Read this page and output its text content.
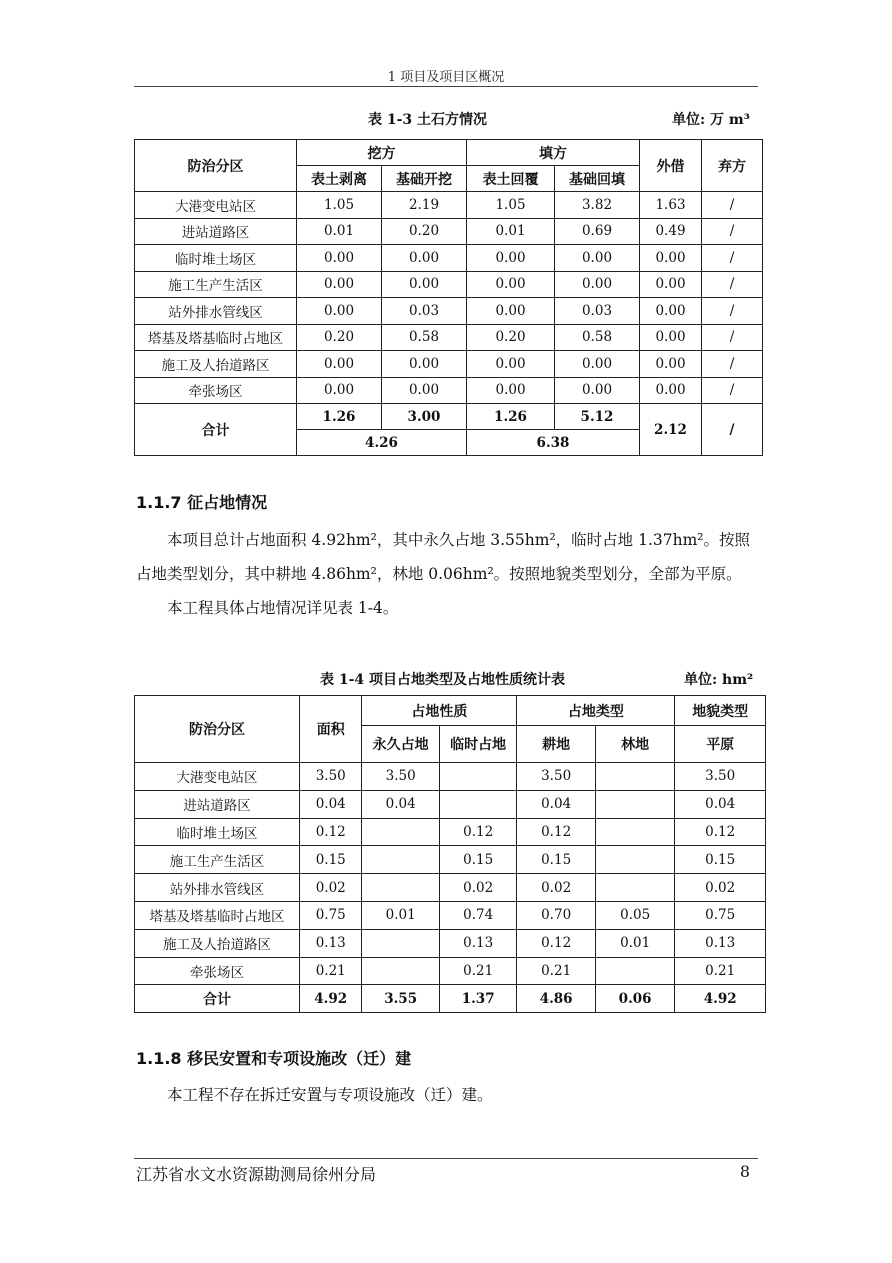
1 项目及项目区概况
表 1-3 土石方情况	单位: 万 m³
防治分区	挖方		填方		外借	弃方
	表土剥离	基础开挖	表土回覆	基础回填		
大港变电站区	1.05	2.19	1.05	3.82	1.63	/
进站道路区	0.01	0.20	0.01	0.69	0.49	/
临时堆土场区	0.00	0.00	0.00	0.00	0.00	/
施工生产生活区	0.00	0.00	0.00	0.00	0.00	/
站外排水管线区	0.00	0.03	0.00	0.03	0.00	/
塔基及塔基临时占地区	0.20	0.58	0.20	0.58	0.00	/
施工及人抬道路区	0.00	0.00	0.00	0.00	0.00	/
牵张场区	0.00	0.00	0.00	0.00	0.00	/
合计	1.26	3.00	1.26	5.12	2.12	/
	4.26		6.38			
1.1.7 征占地情况

本项目总计占地面积 4.92hm²，其中永久占地 3.55hm²，临时占地 1.37hm²。按照占地类型划分，其中耕地 4.86hm²，林地 0.06hm²。按照地貌类型划分，全部为平原。

本工程具体占地情况详见表 1-4。

表 1-4 项目占地类型及占地性质统计表	单位: hm²
防治分区	面积	占地性质		占地类型		地貌类型
		永久占地	临时占地	耕地	林地	平原
大港变电站区	3.50	3.50		3.50		3.50
进站道路区	0.04	0.04		0.04		0.04
临时堆土场区	0.12		0.12	0.12		0.12
施工生产生活区	0.15		0.15	0.15		0.15
站外排水管线区	0.02		0.02	0.02		0.02
塔基及塔基临时占地区	0.75	0.01	0.74	0.70	0.05	0.75
施工及人抬道路区	0.13		0.13	0.12	0.01	0.13
牵张场区	0.21		0.21	0.21		0.21
合计	4.92	3.55	1.37	4.86	0.06	4.92
1.1.8 移民安置和专项设施改（迁）建

本工程不存在拆迁安置与专项设施改（迁）建。

江苏省水文水资源勘测局徐州分局	8
